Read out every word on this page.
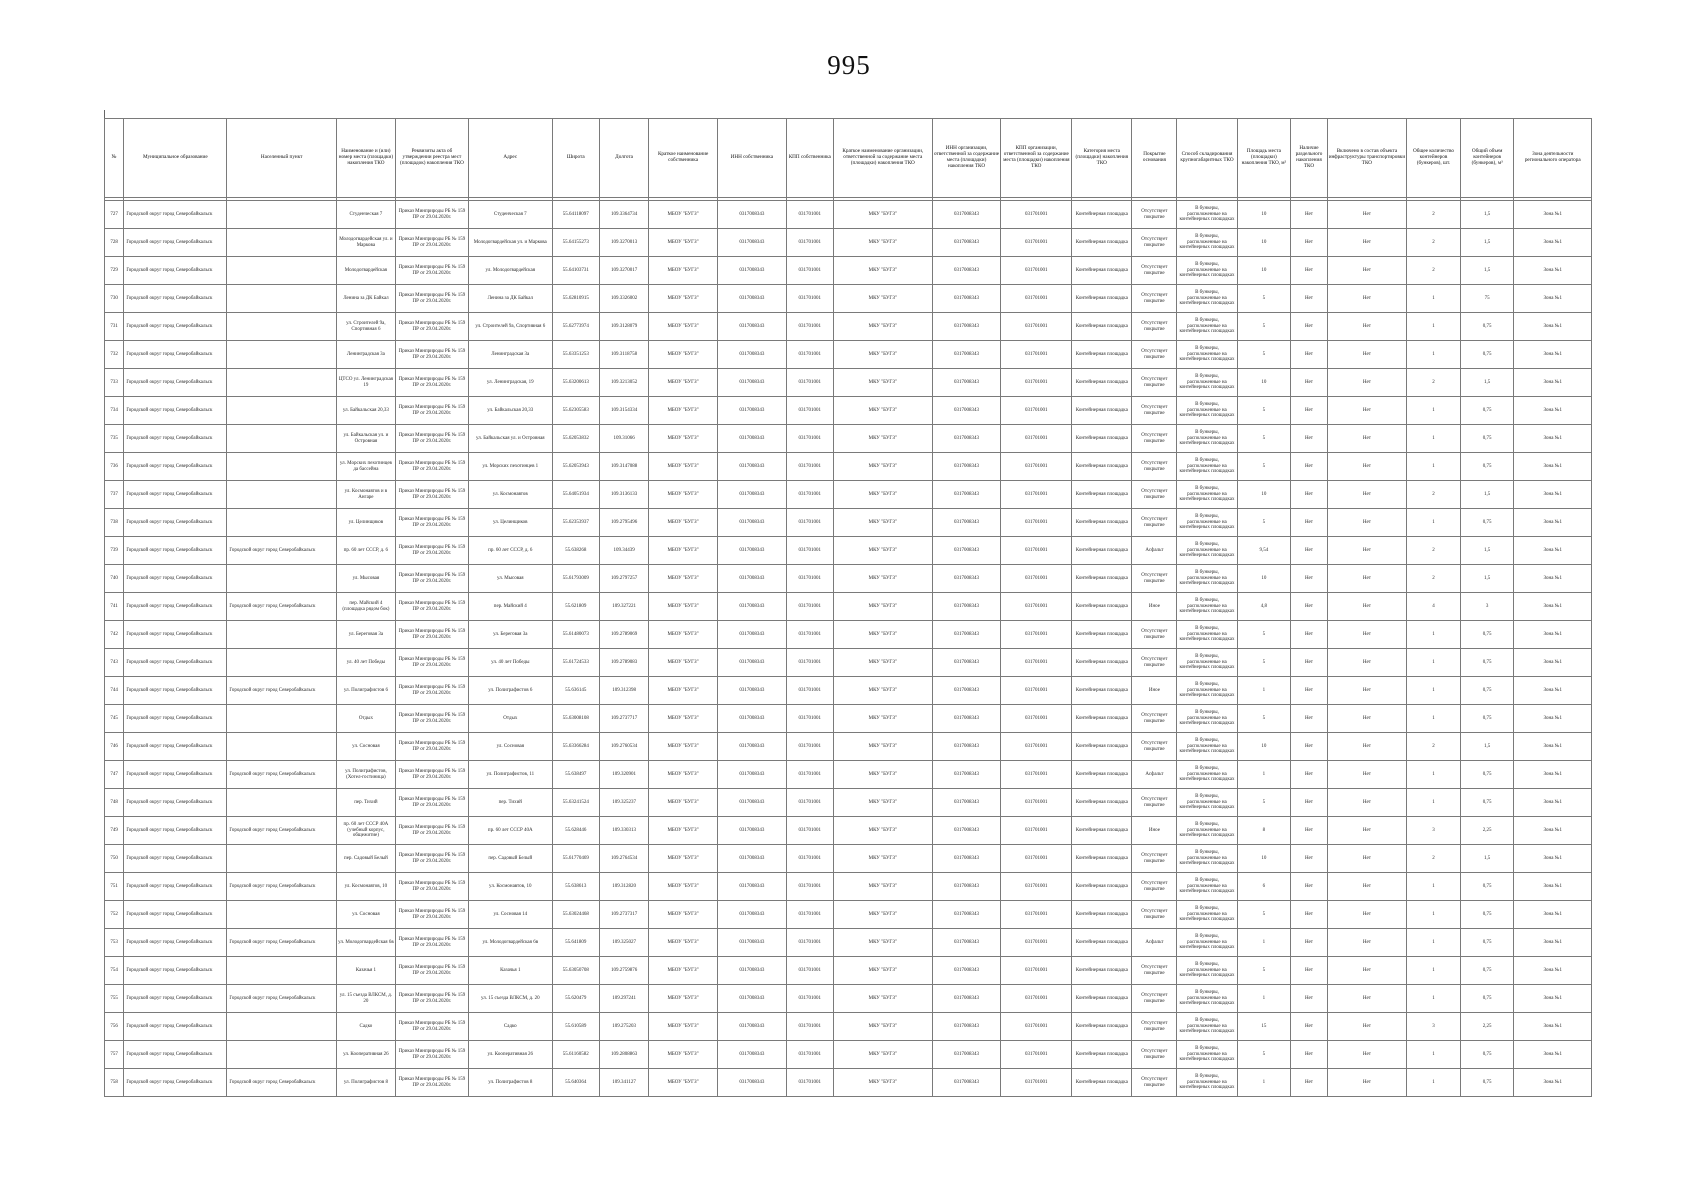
995
№	Муниципальное образование	Населенный пункт	Наименование и (или) номер места (площадки) накопления ТКО	Реквизиты акта об утверждении реестра мест (площадок) накопления ТКО	Адрес	Широта	Долгота	Краткое наименование собственника	ИНН собственника	КПП собственника	Краткое наименование организации, ответственной за содержание места (площадки) накопления ТКО	ИНН организации, ответственной за содержание места (площадки) накопления ТКО	КПП организации, ответственной за содержание места (площадки) накопления ТКО	Категория места (площадки) накопления ТКО	Покрытие основания	Способ складирования крупногабаритных ТКО	Площадь места (площадки) накопления ТКО, м²	Наличие раздельного накопления ТКО	Включено в состав объекта инфраструктуры транспортировки ТКО	Общее количество контейнеров (бункеров), шт.	Общий объем контейнеров (бункеров), м³	Зона деятельности регионального оператора

727	Городской округ город Северобайкальск		Студенческая 7	Приказ Минприроды РБ № 159 ПР от 29.04.2020г.	Студенческая 7	55.64118097	109.3364734	МБОУ "БУГЗ"	0317008343	031701001	МКУ "БУГЗ"	0317008343	031701001	Контейнерная площадка	Отсутствует покрытие	В бункеры, расположенные на контейнерных площадках	10	Нет	Нет	2	1,5	Зона №1
728	Городской округ город Северобайкальск		Молодогвардейская ул. и Маркова	Приказ Минприроды РБ № 159 ПР от 29.04.2020г.	Молодогвардейская ул. и Маркова	55.64155273	109.3270013	МБОУ "БУГЗ"	0317008343	031701001	МКУ "БУГЗ"	0317008343	031701001	Контейнерная площадка	Отсутствует покрытие	В бункеры, расположенные на контейнерных площадках	10	Нет	Нет	2	1,5	Зона №1
729	Городской округ город Северобайкальск		Молодогвардейская	Приказ Минприроды РБ № 159 ПР от 29.04.2020г.	ул. Молодогвардейская	55.64103731	109.3270017	МБОУ "БУГЗ"	0317008343	031701001	МКУ "БУГЗ"	0317008343	031701001	Контейнерная площадка	Отсутствует покрытие	В бункеры, расположенные на контейнерных площадках	10	Нет	Нет	2	1,5	Зона №1
730	Городской округ город Северобайкальск		Ленина за ДК Байкал	Приказ Минприроды РБ № 159 ПР от 29.04.2020г.	Ленина за ДК Байкал	55.62810915	109.3326002	МБОУ "БУГЗ"	0317008343	031701001	МКУ "БУГЗ"	0317008343	031701001	Контейнерная площадка	Отсутствует покрытие	В бункеры, расположенные на контейнерных площадках	5	Нет	Нет	1	75	Зона №1
731	Городской округ город Северобайкальск		ул. Строителей 9а, Спортивная 6	Приказ Минприроды РБ № 159 ПР от 29.04.2020г.	ул. Строителей 9а, Спортивная 6	55.62773974	109.3128079	МБОУ "БУГЗ"	0317008343	031701001	МКУ "БУГЗ"	0317008343	031701001	Контейнерная площадка	Отсутствует покрытие	В бункеры, расположенные на контейнерных площадках	5	Нет	Нет	1	0,75	Зона №1
732	Городской округ город Северобайкальск		Ленинградская 3а	Приказ Минприроды РБ № 159 ПР от 29.04.2020г.	Ленинградская 3а	55.63351253	109.3118758	МБОУ "БУГЗ"	0317008343	031701001	МКУ "БУГЗ"	0317008343	031701001	Контейнерная площадка	Отсутствует покрытие	В бункеры, расположенные на контейнерных площадках	5	Нет	Нет	1	0,75	Зона №1
733	Городской округ город Северобайкальск		ЦТСО ул. Ленинградская 19	Приказ Минприроды РБ № 159 ПР от 29.04.2020г.	ул. Ленинградская, 19	55.63200613	109.3213052	МБОУ "БУГЗ"	0317008343	031701001	МКУ "БУГЗ"	0317008343	031701001	Контейнерная площадка	Отсутствует покрытие	В бункеры, расположенные на контейнерных площадках	10	Нет	Нет	2	1,5	Зона №1
734	Городской округ город Северобайкальск		ул. Байкальская 20,33	Приказ Минприроды РБ № 159 ПР от 29.04.2020г.	ул. Байкальская 20,33	55.62305583	109.3154334	МБОУ "БУГЗ"	0317008343	031701001	МКУ "БУГЗ"	0317008343	031701001	Контейнерная площадка	Отсутствует покрытие	В бункеры, расположенные на контейнерных площадках	5	Нет	Нет	1	0,75	Зона №1
735	Городской округ город Северобайкальск		ул. Байкальская ул. и Островная	Приказ Минприроды РБ № 159 ПР от 29.04.2020г.	ул. Байкальская ул. и Островная	55.62053832	109.31066	МБОУ "БУГЗ"	0317008343	031701001	МКУ "БУГЗ"	0317008343	031701001	Контейнерная площадка	Отсутствует покрытие	В бункеры, расположенные на контейнерных площадках	5	Нет	Нет	1	0,75	Зона №1
736	Городской округ город Северобайкальск		ул. Морских пехотинцев да бассейна	Приказ Минприроды РБ № 159 ПР от 29.04.2020г.	ул. Морских пехотинцев 1	55.62053943	109.3147088	МБОУ "БУГЗ"	0317008343	031701001	МКУ "БУГЗ"	0317008343	031701001	Контейнерная площадка	Отсутствует покрытие	В бункеры, расположенные на контейнерных площадках	5	Нет	Нет	1	0,75	Зона №1
737	Городской округ город Северобайкальск		ул. Космонавтов и в Ангаре	Приказ Минприроды РБ № 159 ПР от 29.04.2020г.	ул. Космонавтов	55.64051934	109.3136133	МБОУ "БУГЗ"	0317008343	031701001	МКУ "БУГЗ"	0317008343	031701001	Контейнерная площадка	Отсутствует покрытие	В бункеры, расположенные на контейнерных площадках	10	Нет	Нет	2	1,5	Зона №1
738	Городской округ город Северобайкальск		ул. Целинщиков	Приказ Минприроды РБ № 159 ПР от 29.04.2020г.	ул. Целинщиков	55.62353937	109.2795496	МБОУ "БУГЗ"	0317008343	031701001	МКУ "БУГЗ"	0317008343	031701001	Контейнерная площадка	Отсутствует покрытие	В бункеры, расположенные на контейнерных площадках	5	Нет	Нет	1	0,75	Зона №1
739	Городской округ город Северобайкальск	Городской округ город Северобайкальск	пр. 60 лет СССР, д. 6	Приказ Минприроды РБ № 159 ПР от 29.04.2020г.	пр. 60 лет СССР, д. 6	55.638268	109.34439	МБОУ "БУГЗ"	0317008343	031701001	МКУ "БУГЗ"	0317008343	031701001	Контейнерная площадка	Асфальт	В бункеры, расположенные на контейнерных площадках	9,54	Нет	Нет	2	1,5	Зона №1
740	Городской округ город Северобайкальск		ул. Мысовая	Приказ Минприроды РБ № 159 ПР от 29.04.2020г.	ул. Мысовая	55.61793009	109.2797257	МБОУ "БУГЗ"	0317008343	031701001	МКУ "БУГЗ"	0317008343	031701001	Контейнерная площадка	Отсутствует покрытие	В бункеры, расположенные на контейнерных площадках	10	Нет	Нет	2	1,5	Зона №1
741	Городской округ город Северобайкальск	Городской округ город Северобайкальск	пер. Майский 4 (площадка рядом бок)	Приказ Минприроды РБ № 159 ПР от 29.04.2020г.	пер. Майский 4	55.621809	109.327221	МБОУ "БУГЗ"	0317008343	031701001	МКУ "БУГЗ"	0317008343	031701001	Контейнерная площадка	Иное	В бункеры, расположенные на контейнерных площадках	4,8	Нет	Нет	4	3	Зона №1
742	Городской округ город Северобайкальск		ул. Береговая 3а	Приказ Минприроды РБ № 159 ПР от 29.04.2020г.	ул. Береговая 3а	55.61480073	109.2789069	МБОУ "БУГЗ"	0317008343	031701001	МКУ "БУГЗ"	0317008343	031701001	Контейнерная площадка	Отсутствует покрытие	В бункеры, расположенные на контейнерных площадках	5	Нет	Нет	1	0,75	Зона №1
743	Городской округ город Северобайкальск		ул. 40 лет Победы	Приказ Минприроды РБ № 159 ПР от 29.04.2020г.	ул. 40 лет Победы	55.61724533	109.2789083	МБОУ "БУГЗ"	0317008343	031701001	МКУ "БУГЗ"	0317008343	031701001	Контейнерная площадка	Отсутствует покрытие	В бункеры, расположенные на контейнерных площадках	5	Нет	Нет	1	0,75	Зона №1
744	Городской округ город Северобайкальск	Городской округ город Северобайкальск	ул. Полиграфистов 6	Приказ Минприроды РБ № 159 ПР от 29.04.2020г.	ул. Полиграфистов 6	55.636145	109.312398	МБОУ "БУГЗ"	0317008343	031701001	МКУ "БУГЗ"	0317008343	031701001	Контейнерная площадка	Иное	В бункеры, расположенные на контейнерных площадках	1	Нет	Нет	1	0,75	Зона №1
745	Городской округ город Северобайкальск		Отдых	Приказ Минприроды РБ № 159 ПР от 29.04.2020г.	Отдых	55.63008108	109.2737717	МБОУ "БУГЗ"	0317008343	031701001	МКУ "БУГЗ"	0317008343	031701001	Контейнерная площадка	Отсутствует покрытие	В бункеры, расположенные на контейнерных площадках	5	Нет	Нет	1	0,75	Зона №1
746	Городской округ город Северобайкальск		ул. Сосновая	Приказ Минприроды РБ № 159 ПР от 29.04.2020г.	ул. Сосновая	55.63366284	109.2760534	МБОУ "БУГЗ"	0317008343	031701001	МКУ "БУГЗ"	0317008343	031701001	Контейнерная площадка	Отсутствует покрытие	В бункеры, расположенные на контейнерных площадках	10	Нет	Нет	2	1,5	Зона №1
747	Городской округ город Северобайкальск	Городской округ город Северобайкальск	ул. Полиграфистов, (Хотел-гостиница)	Приказ Минприроды РБ № 159 ПР от 29.04.2020г.	ул. Полиграфистов, 11	55.638497	109.320901	МБОУ "БУГЗ"	0317008343	031701001	МКУ "БУГЗ"	0317008343	031701001	Контейнерная площадка	Асфальт	В бункеры, расположенные на контейнерных площадках	1	Нет	Нет	1	0,75	Зона №1
748	Городской округ город Северобайкальск		пер. Тихий	Приказ Минприроды РБ № 159 ПР от 29.04.2020г.	пер. Тихий	55.63241524	109.325237	МБОУ "БУГЗ"	0317008343	031701001	МКУ "БУГЗ"	0317008343	031701001	Контейнерная площадка	Отсутствует покрытие	В бункеры, расположенные на контейнерных площадках	5	Нет	Нет	1	0,75	Зона №1
749	Городской округ город Северобайкальск	Городской округ город Северобайкальск	пр. 60 лет СССР 40А (учебный корпус, общежитие)	Приказ Минприроды РБ № 159 ПР от 29.04.2020г.	пр. 60 лет СССР 40А	55.628446	109.330313	МБОУ "БУГЗ"	0317008343	031701001	МКУ "БУГЗ"	0317008343	031701001	Контейнерная площадка	Иное	В бункеры, расположенные на контейнерных площадках	8	Нет	Нет	3	2,25	Зона №1
750	Городской округ город Северобайкальск		пер. Садовый Белый	Приказ Минприроды РБ № 159 ПР от 29.04.2020г.	пер. Садовый Белый	55.61770469	109.2764534	МБОУ "БУГЗ"	0317008343	031701001	МКУ "БУГЗ"	0317008343	031701001	Контейнерная площадка	Отсутствует покрытие	В бункеры, расположенные на контейнерных площадках	10	Нет	Нет	2	1,5	Зона №1
751	Городской округ город Северобайкальск	Городской округ город Северобайкальск	ул. Космонавтов, 10	Приказ Минприроды РБ № 159 ПР от 29.04.2020г.	ул. Космонавтов, 10	55.638613	109.312820	МБОУ "БУГЗ"	0317008343	031701001	МКУ "БУГЗ"	0317008343	031701001	Контейнерная площадка	Отсутствует покрытие	В бункеры, расположенные на контейнерных площадках	6	Нет	Нет	1	0,75	Зона №1
752	Городской округ город Северобайкальск		ул. Сосновая	Приказ Минприроды РБ № 159 ПР от 29.04.2020г.	ул. Сосновая 14	55.63024468	109.2737317	МБОУ "БУГЗ"	0317008343	031701001	МКУ "БУГЗ"	0317008343	031701001	Контейнерная площадка	Отсутствует покрытие	В бункеры, расположенные на контейнерных площадках	5	Нет	Нет	1	0,75	Зона №1
753	Городской округ город Северобайкальск	Городской округ город Северобайкальск	ул. Молодогвардейская 6в	Приказ Минприроды РБ № 159 ПР от 29.04.2020г.	ул. Молодогвардейская 6в	55.641809	109.325027	МБОУ "БУГЗ"	0317008343	031701001	МКУ "БУГЗ"	0317008343	031701001	Контейнерная площадка	Асфальт	В бункеры, расположенные на контейнерных площадках	1	Нет	Нет	1	0,75	Зона №1
754	Городской округ город Северобайкальск		Казачья 1	Приказ Минприроды РБ № 159 ПР от 29.04.2020г.	Казачья 1	55.63050708	109.2759876	МБОУ "БУГЗ"	0317008343	031701001	МКУ "БУГЗ"	0317008343	031701001	Контейнерная площадка	Отсутствует покрытие	В бункеры, расположенные на контейнерных площадках	5	Нет	Нет	1	0,75	Зона №1
755	Городской округ город Северобайкальск	Городской округ город Северобайкальск	ул. 15 съезда ВЛКСМ, д. 20	Приказ Минприроды РБ № 159 ПР от 29.04.2020г.	ул. 15 съезда ВЛКСМ, д. 20	55.620479	109.297241	МБОУ "БУГЗ"	0317008343	031701001	МКУ "БУГЗ"	0317008343	031701001	Контейнерная площадка	Отсутствует покрытие	В бункеры, расположенные на контейнерных площадках	1	Нет	Нет	1	0,75	Зона №1
756	Городской округ город Северобайкальск		Садко	Приказ Минприроды РБ № 159 ПР от 29.04.2020г.	Садко	55.610589	109.275203	МБОУ "БУГЗ"	0317008343	031701001	МКУ "БУГЗ"	0317008343	031701001	Контейнерная площадка	Отсутствует покрытие	В бункеры, расположенные на контейнерных площадках	15	Нет	Нет	3	2,25	Зона №1
757	Городской округ город Северобайкальск		ул. Кооперативная 26	Приказ Минприроды РБ № 159 ПР от 29.04.2020г.	ул. Кооперативная 26	55.61160582	109.2808863	МБОУ "БУГЗ"	0317008343	031701001	МКУ "БУГЗ"	0317008343	031701001	Контейнерная площадка	Отсутствует покрытие	В бункеры, расположенные на контейнерных площадках	5	Нет	Нет	1	0,75	Зона №1
758	Городской округ город Северобайкальск	Городской округ город Северобайкальск	ул. Полиграфистов 8	Приказ Минприроды РБ № 159 ПР от 29.04.2020г.	ул. Полиграфистов 8	55.640364	109.341127	МБОУ "БУГЗ"	0317008343	031701001	МКУ "БУГЗ"	0317008343	031701001	Контейнерная площадка	Отсутствует покрытие	В бункеры, расположенные на контейнерных площадках	1	Нет	Нет	1	0,75	Зона №1
